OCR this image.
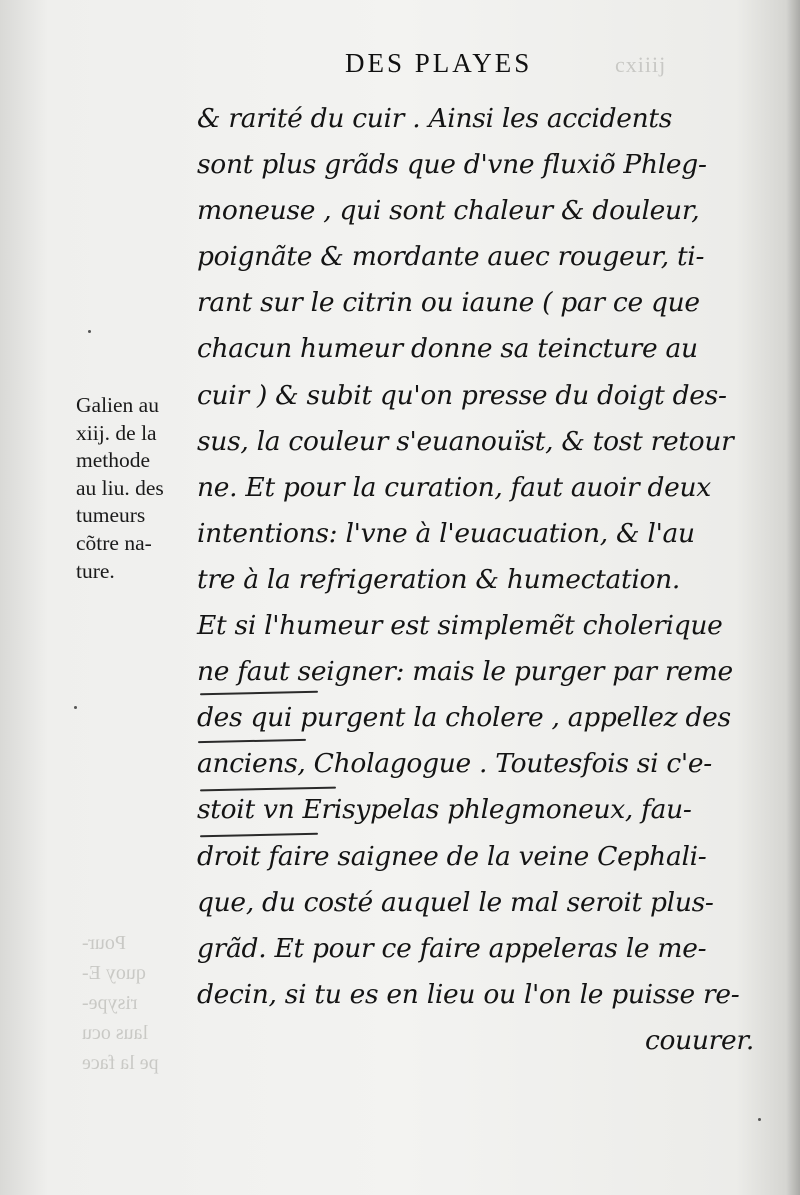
cxiiij
Pour-
quoy E-
risype-
laus ocu
pe la face
DES PLAYES
& rarité du cuir . Ainsi les accidents
sont plus grãds que d'vne fluxiõ Phleg-
moneuse , qui sont chaleur & douleur,
poignãte & mordante auec rougeur, ti-
rant sur le citrin ou iaune ( par ce que
chacun humeur donne sa teincture au
cuir ) & subit qu'on presse du doigt des-
sus, la couleur s'euanouïst, & tost retour
ne. Et pour la curation, faut auoir deux
intentions: l'vne à l'euacuation, & l'au
tre à la refrigeration & humectation.
Et si l'humeur est simplemẽt cholerique
ne faut seigner: mais le purger par reme
des qui purgent la cholere , appellez des
anciens, Cholagogue . Toutesfois si c'e-
stoit vn Erisypelas phlegmoneux, fau-
droit faire saignee de la veine Cephali-
que, du costé auquel le mal seroit plus-
grãd. Et pour ce faire appeleras le me-
decin, si tu es en lieu ou l'on le puisse re-
couurer.
Galien au
xiij. de la
methode
au liu. des
tumeurs
cõtre na-
ture.
